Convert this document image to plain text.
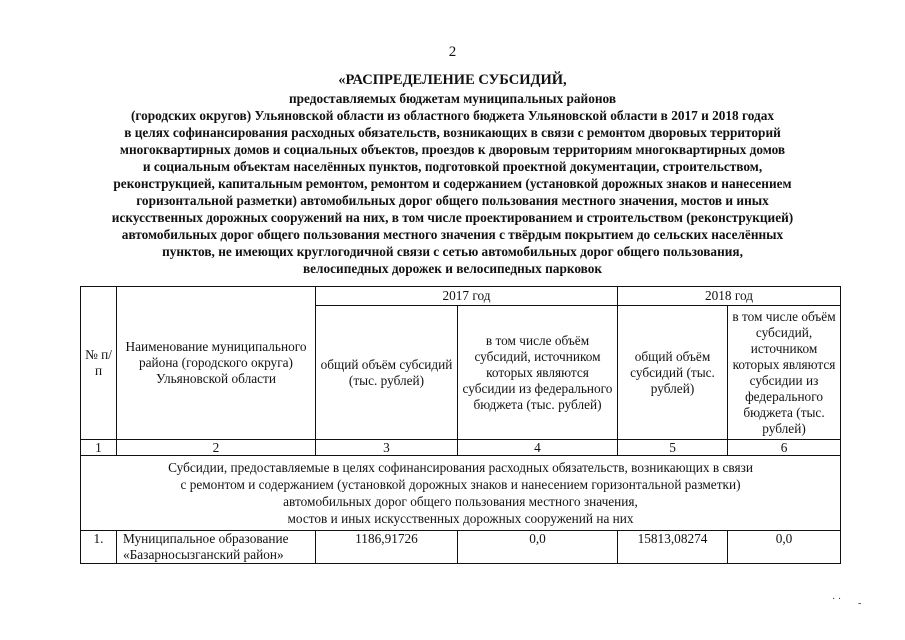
2
«РАСПРЕДЕЛЕНИЕ СУБСИДИЙ,
предоставляемых бюджетам муниципальных районов
(городских округов) Ульяновской области из областного бюджета Ульяновской области в 2017 и 2018 годах
в целях софинансирования расходных обязательств, возникающих в связи с ремонтом дворовых территорий
многоквартирных домов и социальных объектов, проездов к дворовым территориям многоквартирных домов
и социальным объектам населённых пунктов, подготовкой проектной документации, строительством,
реконструкцией, капитальным ремонтом, ремонтом и содержанием (установкой дорожных знаков и нанесением
горизонтальной разметки) автомобильных дорог общего пользования местного значения, мостов и иных
искусственных дорожных сооружений на них, в том числе проектированием и строительством (реконструкцией)
автомобильных дорог общего пользования местного значения с твёрдым покрытием до сельских населённых
пунктов, не имеющих круглогодичной связи с сетью автомобильных дорог общего пользования,
велосипедных дорожек и велосипедных парковок
№ п/п	Наименование муниципального района (городского округа) Ульяновской области	2017 год		2018 год	
		общий объём субсидий (тыс. рублей)	в том числе объём субсидий, источником которых являются субсидии из федерального бюджета (тыс. рублей)	общий объём субсидий (тыс. рублей)	в том числе объём субсидий, источником которых являются субсидии из федерального бюджета (тыс. рублей)
1	2	3	4	5	6

Субсидии, предоставляемые в целях софинансирования расходных обязательств, возникающих в связи
с ремонтом и содержанием (установкой дорожных знаков и нанесением горизонтальной разметки)
автомобильных дорог общего пользования местного значения,
мостов и иных искусственных дорожных сооружений на них					

1.	Муниципальное образование «Базарносызганский район»	1186,91726	0,0	15813,08274	0,0
· · -
